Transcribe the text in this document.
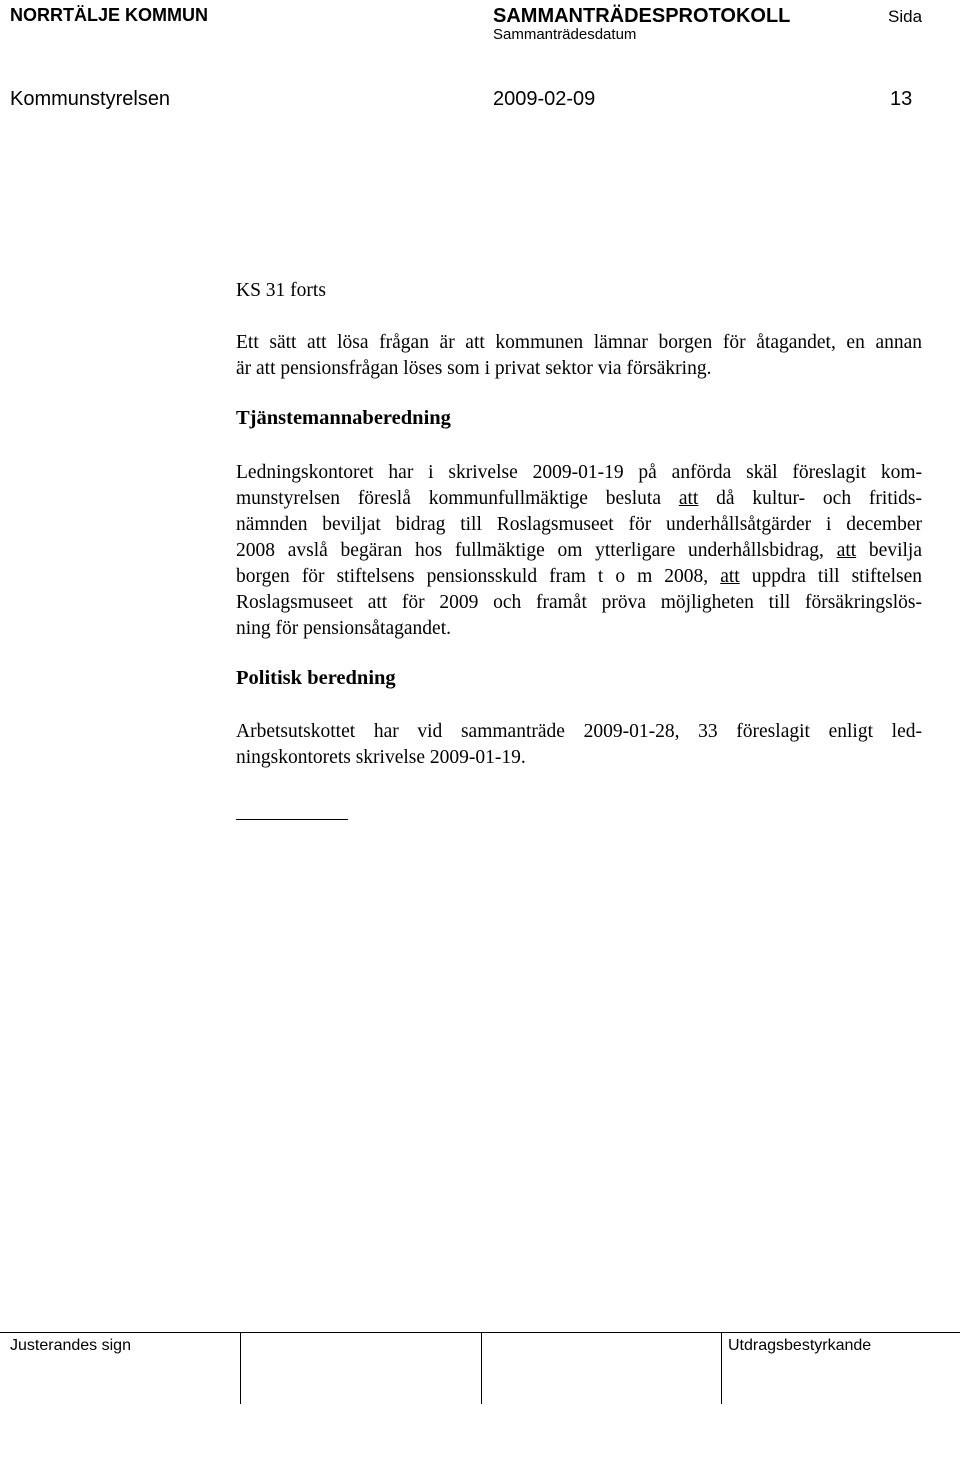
NORRTÄLJE KOMMUN	SAMMANTRÄDESPROTOKOLL	Sida
Sammanträdesdatum
Kommunstyrelsen	2009-02-09	13
KS 31 forts
Ett sätt att lösa frågan är att kommunen lämnar borgen för åtagandet, en annan
är att pensionsfrågan löses som i privat sektor via försäkring.
Tjänstemannaberedning
Ledningskontoret har i skrivelse 2009-01-19 på anförda skäl föreslagit kom-
munstyrelsen föreslå kommunfullmäktige besluta att då kultur- och fritids-
nämnden beviljat bidrag till Roslagsmuseet för underhållsåtgärder i december
2008 avslå begäran hos fullmäktige om ytterligare underhållsbidrag, att bevilja
borgen för stiftelsens pensionsskuld fram t o m 2008, att uppdra till stiftelsen
Roslagsmuseet att för 2009 och framåt pröva möjligheten till försäkringslös-
ning för pensionsåtagandet.
Politisk beredning
Arbetsutskottet har vid sammanträde 2009-01-28, 33 föreslagit enligt led-
ningskontorets skrivelse 2009-01-19.
Justerandes sign	Utdragsbestyrkande
